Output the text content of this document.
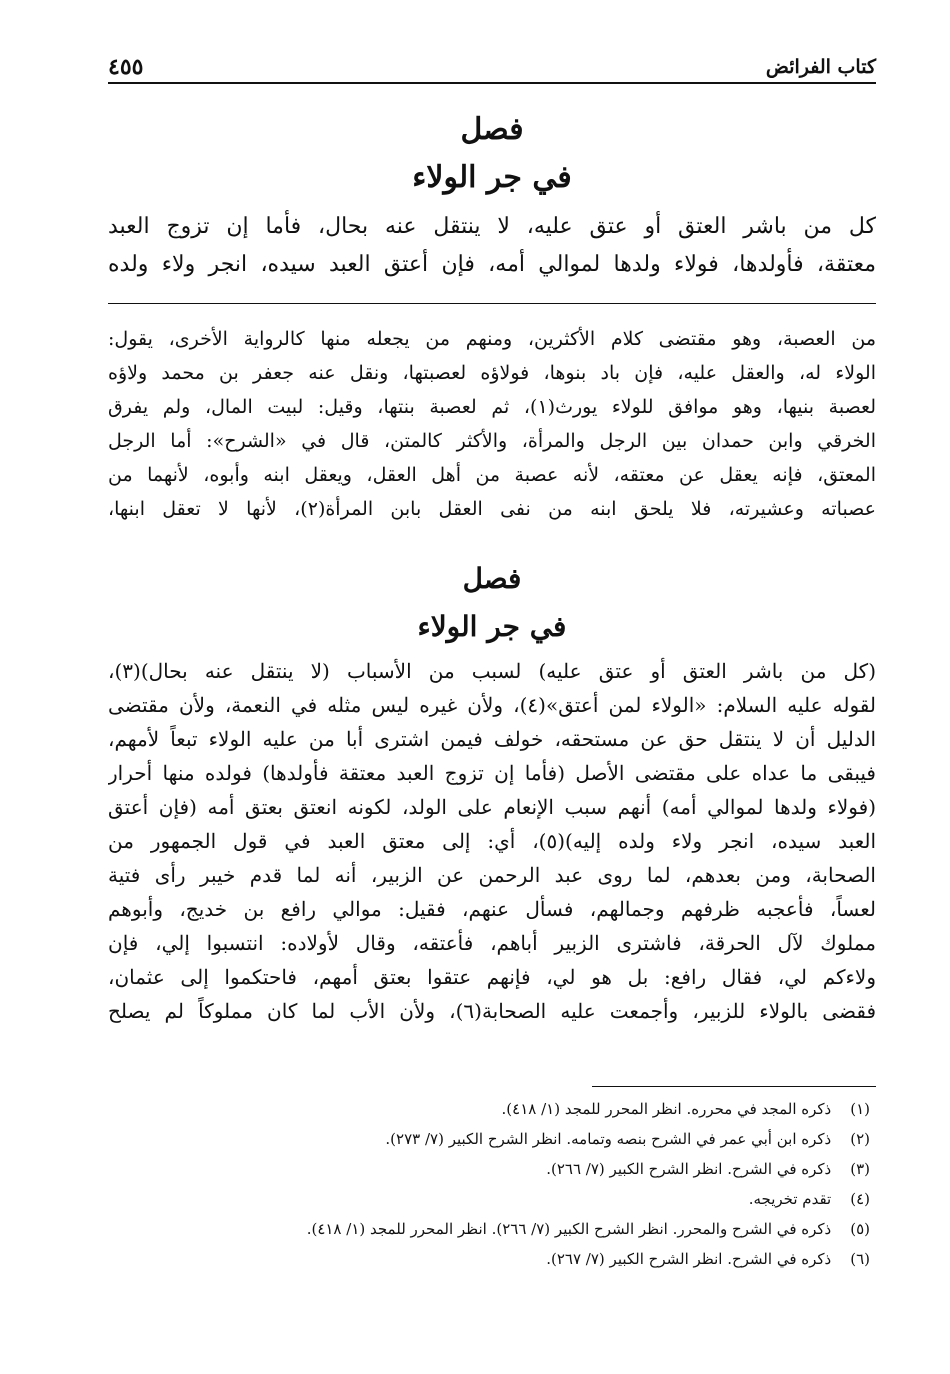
كتاب الفرائض
٤٥٥
فصل
في جر الولاء
كل من باشر العتق أو عتق عليه، لا ينتقل عنه بحال، فأما إن تزوج العبد
معتقة، فأولدها، فولاء ولدها لموالي أمه، فإن أعتق العبد سيده، انجر ولاء ولده
من العصبة، وهو مقتضى كلام الأكثرين، ومنهم من يجعله منها كالرواية الأخرى، يقول:
الولاء له، والعقل عليه، فإن باد بنوها، فولاؤه لعصبتها، ونقل عنه جعفر بن محمد ولاؤه
لعصبة بنيها، وهو موافق للولاء يورث(١)، ثم لعصبة بنتها، وقيل: لبيت المال، ولم يفرق
الخرقي وابن حمدان بين الرجل والمرأة، والأكثر كالمتن، قال في «الشرح»: أما الرجل
المعتق، فإنه يعقل عن معتقه، لأنه عصبة من أهل العقل، ويعقل ابنه وأبوه، لأنهما من
عصباته وعشيرته، فلا يلحق ابنه من نفى العقل بابن المرأة(٢)، لأنها لا تعقل ابنها،
فصل
في جر الولاء
(كل من باشر العتق أو عتق عليه) لسبب من الأسباب (لا ينتقل عنه بحال)(٣)،
لقوله عليه السلام: «الولاء لمن أعتق»(٤)، ولأن غيره ليس مثله في النعمة، ولأن مقتضى
الدليل أن لا ينتقل حق عن مستحقه، خولف فيمن اشترى أبا من عليه الولاء تبعاً لأمهم،
فيبقى ما عداه على مقتضى الأصل (فأما إن تزوج العبد معتقة فأولدها) فولده منها أحرار
(فولاء ولدها لموالي أمه) أنهم سبب الإنعام على الولد، لكونه انعتق بعتق أمه (فإن أعتق
العبد سيده، انجر ولاء ولده إليه)(٥)، أي: إلى معتق العبد في قول الجمهور من
الصحابة، ومن بعدهم، لما روى عبد الرحمن عن الزبير، أنه لما قدم خيبر رأى فتية
لعساً، فأعجبه ظرفهم وجمالهم، فسأل عنهم، فقيل: موالي رافع بن خديج، وأبوهم
مملوك لآل الحرقة، فاشترى الزبير أباهم، فأعتقه، وقال لأولاده: انتسبوا إلي، فإن
ولاءكم لي، فقال رافع: بل هو لي، فإنهم عتقوا بعتق أمهم، فاحتكموا إلى عثمان،
فقضى بالولاء للزبير، وأجمعت عليه الصحابة(٦)، ولأن الأب لما كان مملوكاً لم يصلح
(١) ذكره المجد في محرره. انظر المحرر للمجد (١/ ٤١٨).
(٢) ذكره ابن أبي عمر في الشرح بنصه وتمامه. انظر الشرح الكبير (٧/ ٢٧٣).
(٣) ذكره في الشرح. انظر الشرح الكبير (٧/ ٢٦٦).
(٤) تقدم تخريجه.
(٥) ذكره في الشرح والمحرر. انظر الشرح الكبير (٧/ ٢٦٦). انظر المحرر للمجد (١/ ٤١٨).
(٦) ذكره في الشرح. انظر الشرح الكبير (٧/ ٢٦٧).
